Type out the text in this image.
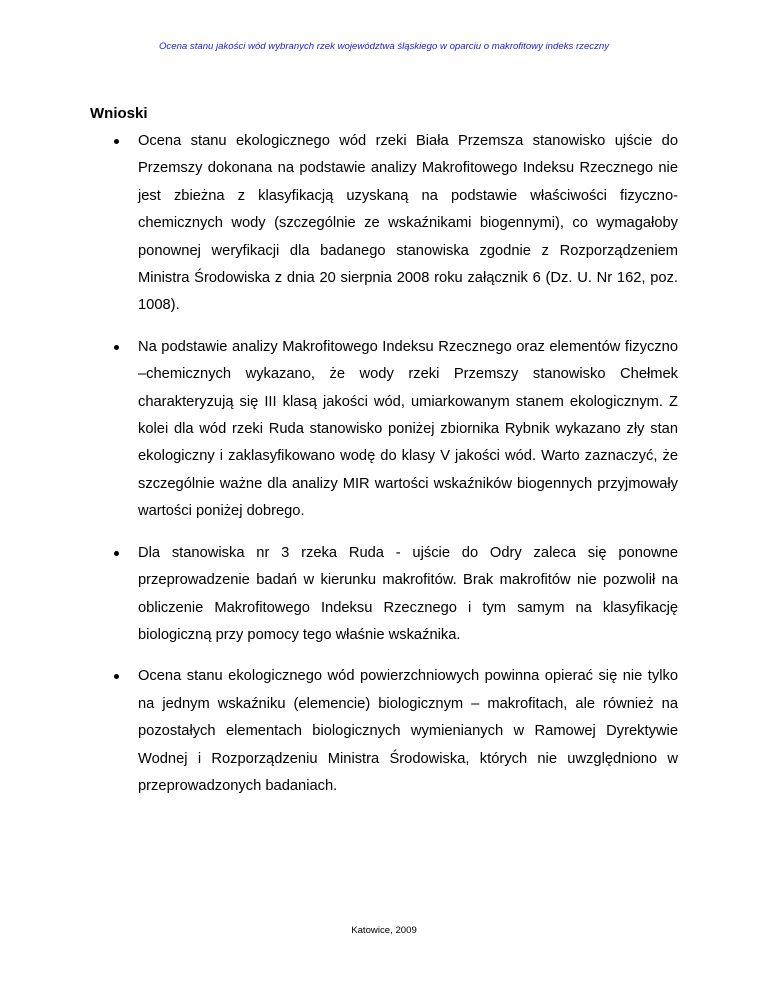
Ocena stanu jakości wód wybranych rzek województwa śląskiego w oparciu o makrofitowy indeks rzeczny
Wnioski
Ocena stanu ekologicznego wód rzeki Biała Przemsza stanowisko ujście do Przemszy dokonana na podstawie analizy Makrofitowego Indeksu Rzecznego nie jest zbieżna z klasyfikacją uzyskaną na podstawie właściwości fizyczno-chemicznych wody (szczególnie ze wskaźnikami biogennymi), co wymagałoby ponownej weryfikacji dla badanego stanowiska zgodnie z Rozporządzeniem Ministra Środowiska z dnia 20 sierpnia 2008 roku załącznik 6 (Dz. U. Nr 162, poz. 1008).
Na podstawie analizy Makrofitowego Indeksu Rzecznego oraz elementów fizyczno –chemicznych wykazano, że wody rzeki Przemszy stanowisko Chełmek charakteryzują się III klasą jakości wód, umiarkowanym stanem ekologicznym. Z kolei dla wód rzeki Ruda stanowisko poniżej zbiornika Rybnik wykazano zły stan ekologiczny i zaklasyfikowano wodę do klasy V jakości wód. Warto zaznaczyć, że szczególnie ważne dla analizy MIR wartości wskaźników biogennych przyjmowały wartości poniżej dobrego.
Dla stanowiska nr 3 rzeka Ruda - ujście do Odry zaleca się ponowne przeprowadzenie badań w kierunku makrofitów. Brak makrofitów nie pozwolił na obliczenie Makrofitowego Indeksu Rzecznego i tym samym na klasyfikację biologiczną przy pomocy tego właśnie wskaźnika.
Ocena stanu ekologicznego wód powierzchniowych powinna opierać się nie tylko na jednym wskaźniku (elemencie) biologicznym – makrofitach, ale również na pozostałych elementach biologicznych wymienianych w Ramowej Dyrektywie Wodnej i Rozporządzeniu Ministra Środowiska, których nie uwzględniono w przeprowadzonych badaniach.
Katowice, 2009
